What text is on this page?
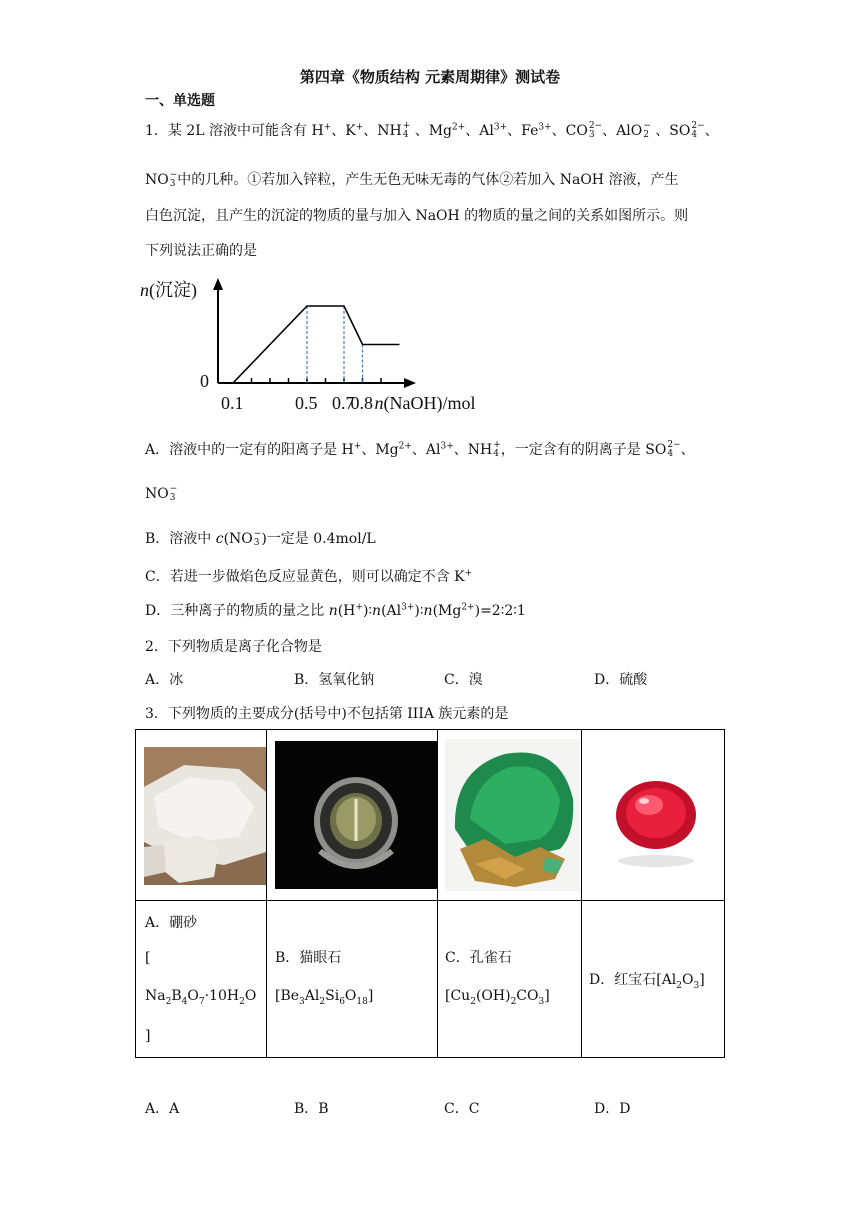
第四章《物质结构 元素周期律》测试卷
一、单选题
1．某 2L 溶液中可能含有 H+、K+、NH +
4 、$Mg^{2+}$、$Al^{3+}$、$Fe^{3+}$、CO 2−
3 、AlO −
2 、SO 2−
4 、
NO −
3 中的几种。①若加入锌粒，产生无色无味无毒的气体②若加入 NaOH 溶液，产生
白色沉淀，且产生的沉淀的物质的量与加入 NaOH 的物质的量之间的关系如图所示。则
下列说法正确的是
0
0.1	0.5 0.7
0.8
n(沉淀)
n(NaOH)/mol
A．溶液中的一定有的阳离子是 H+、$Mg^{2+}$、$Al^{3+}$、NH +
4 ，一定含有的阴离子是 SO 2−
4 、
NO −
3
B．溶液中 c(NO −
3 )一定是 0.4mol/L
C．若进一步做焰色反应显黄色，则可以确定不含 K+
D．三种离子的物质的量之比 $n(H^+)∶n(Al^{3+})∶n(Mg^{2+})=2∶2∶1$
2．下列物质是离子化合物是
A．冰	B．氢氧化钠	C．溴	D．硫酸
3．下列物质的主要成分(括号中)不包括第 IIIA 族元素的是
A．硼砂
[
$Na_2B_4O_7\cdot 10H_2O$
]
B．猫眼石
$[Be_3Al_2Si_6O_{18}]$
C．孔雀石
$[Cu_2(OH)_2CO_3]$
D．红宝石$[Al_2O_3]$
A．A	B．B	C．C	D．D
